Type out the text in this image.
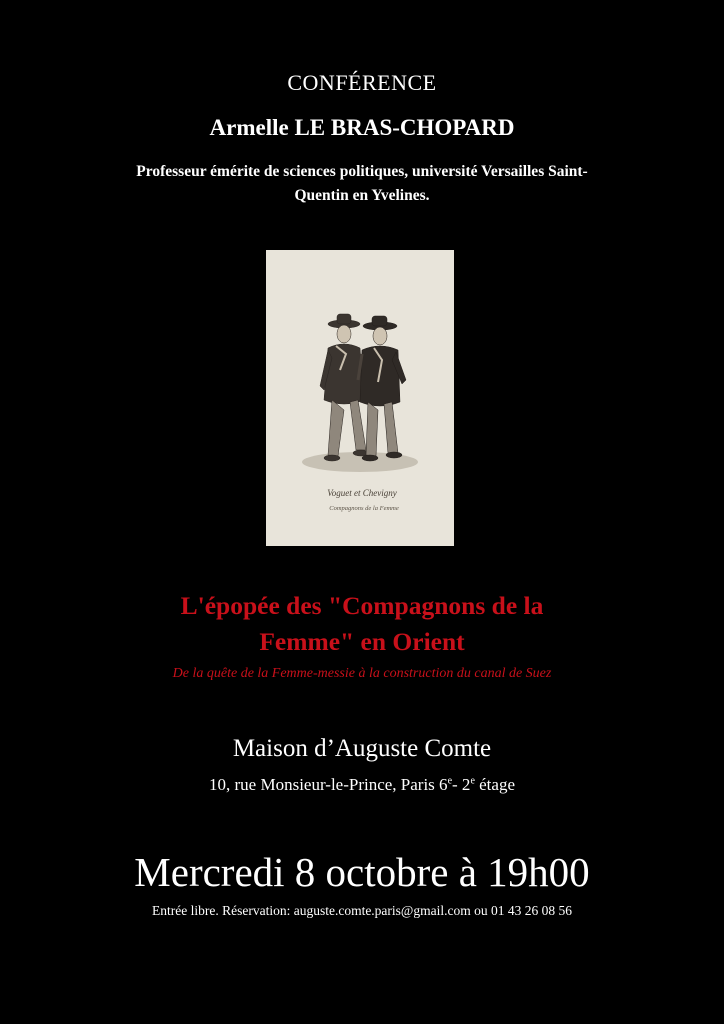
CONFÉRENCE
Armelle LE BRAS-CHOPARD
Professeur émérite de sciences politiques, université Versailles Saint-
Quentin en Yvelines.
Voguet et Chevigny
Compagnons de la Femme
L'épopée des "Compagnons de la
Femme" en Orient
De la quête de la Femme-messie à la construction du canal de Suez
Maison d’Auguste Comte
10, rue Monsieur-le-Prince, Paris 6e- 2e étage
Mercredi 8 octobre à 19h00
Entrée libre. Réservation: auguste.comte.paris@gmail.com ou 01 43 26 08 56
